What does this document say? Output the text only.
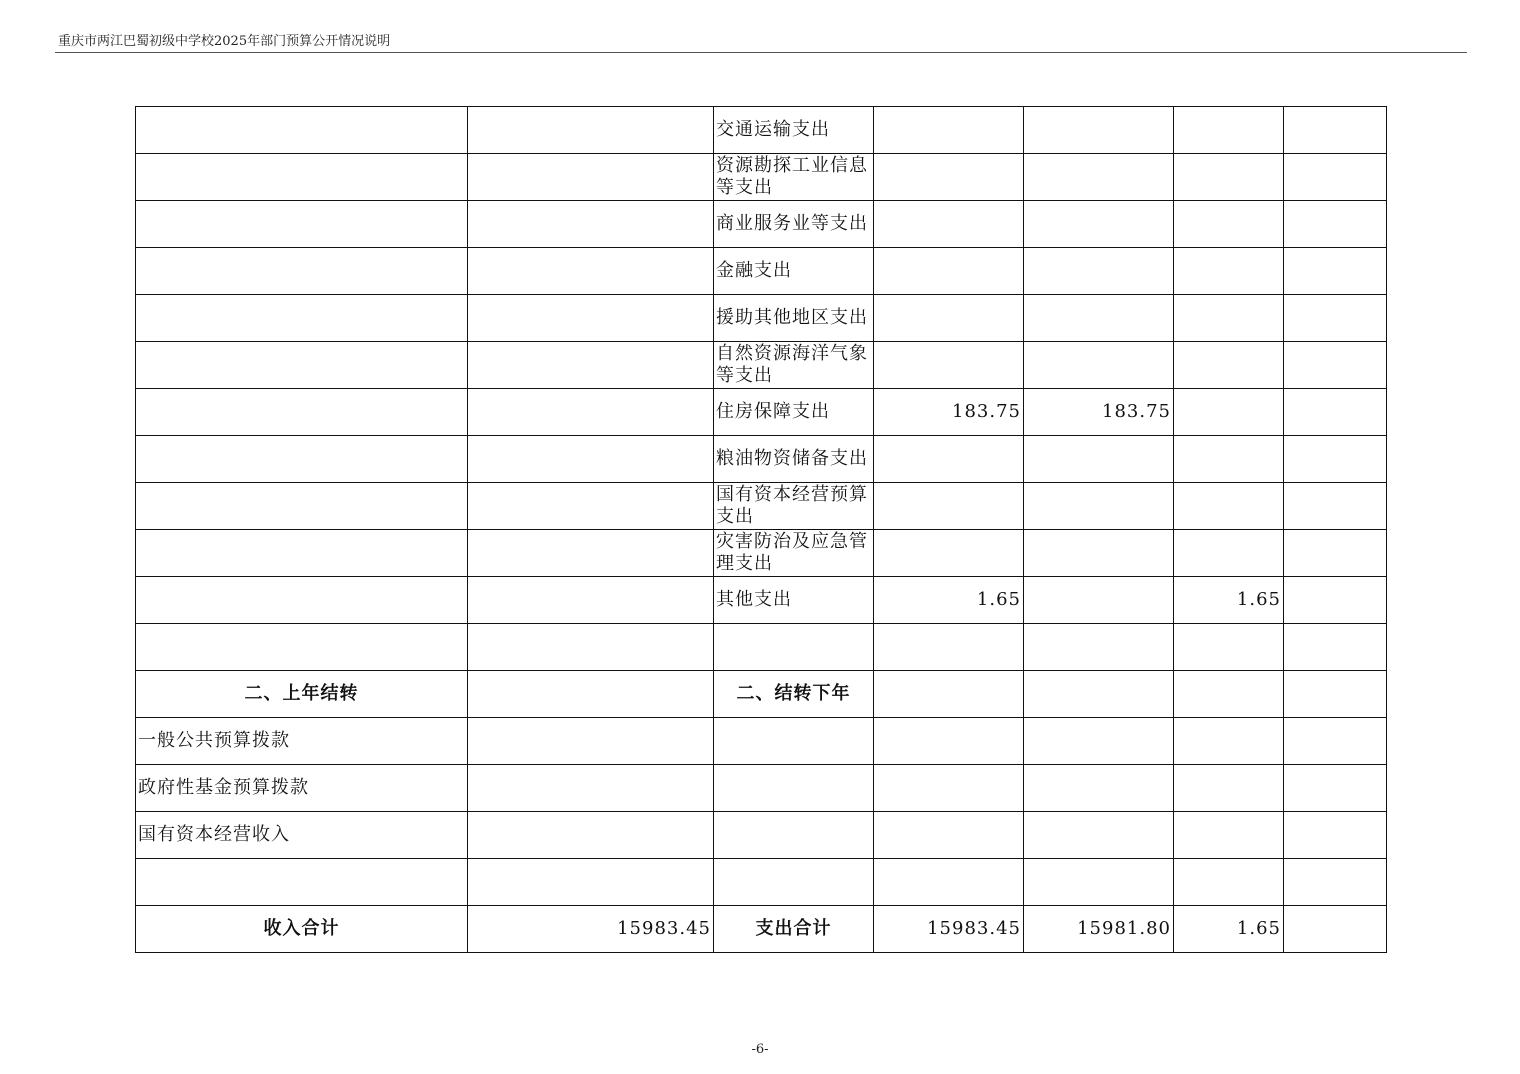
重庆市两江巴蜀初级中学校2025年部门预算公开情况说明
		交通运输支出				
		资源勘探工业信息等支出				
		商业服务业等支出				
		金融支出				
		援助其他地区支出				
		自然资源海洋气象等支出				
		住房保障支出	183.75	183.75		
		粮油物资储备支出				
		国有资本经营预算支出				
		灾害防治及应急管理支出				
		其他支出	1.65		1.65	

二、上年结转		二、结转下年				
一般公共预算拨款						
政府性基金预算拨款						
国有资本经营收入						

收入合计	15983.45	支出合计	15983.45	15981.80	1.65	
-6-
